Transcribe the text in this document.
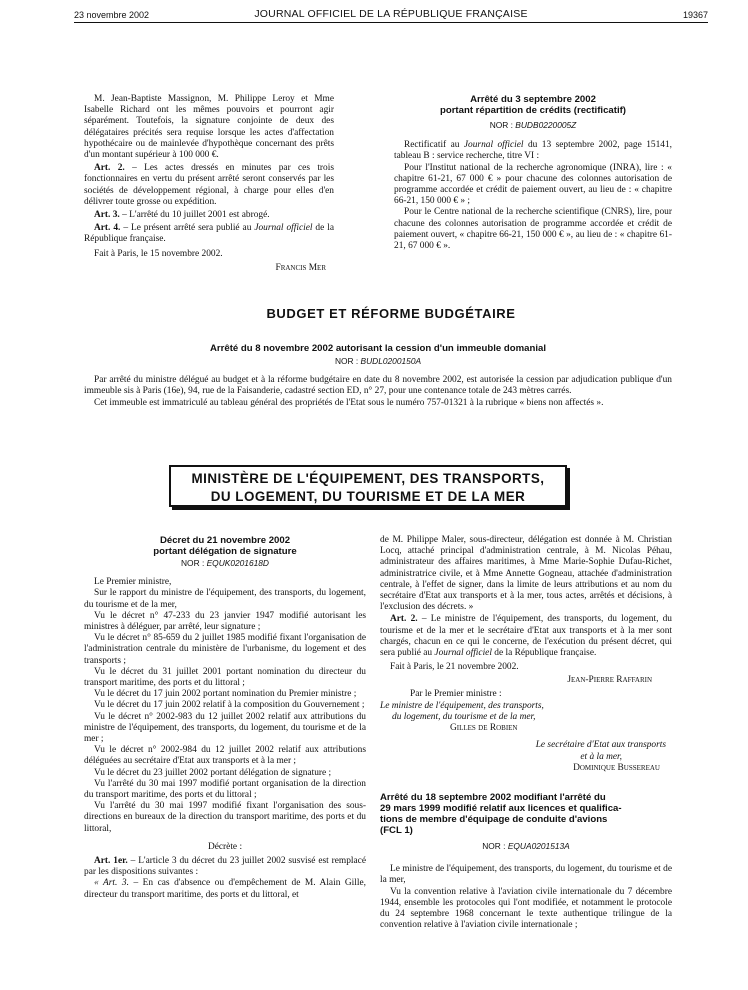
23 novembre 2002	JOURNAL OFFICIEL DE LA RÉPUBLIQUE FRANÇAISE	19367

M. Jean-Baptiste Massignon, M. Philippe Leroy et Mme Isabelle Richard ont les mêmes pouvoirs et pourront agir séparément. Toutefois, la signature conjointe de deux des délégataires précités sera requise lorsque les actes d'affectation hypothécaire ou de mainlevée d'hypothèque concernant des prêts d'un montant supérieur à 100 000 €.

Art. 2. – Les actes dressés en minutes par ces trois fonctionnaires en vertu du présent arrêté seront conservés par les sociétés de développement régional, à charge pour elles d'en délivrer toute grosse ou expédition.

Art. 3. – L'arrêté du 10 juillet 2001 est abrogé.

Art. 4. – Le présent arrêté sera publié au Journal officiel de la République française.

Fait à Paris, le 15 novembre 2002.

Francis Mer

Arrêté du 3 septembre 2002
portant répartition de crédits (rectificatif)
NOR : BUDB0220005Z

Rectificatif au Journal officiel du 13 septembre 2002, page 15141, tableau B : service recherche, titre VI :

Pour l'Institut national de la recherche agronomique (INRA), lire : « chapitre 61-21, 67 000 € » pour chacune des colonnes autorisation de programme accordée et crédit de paiement ouvert, au lieu de : « chapitre 66-21, 150 000 € » ;

Pour le Centre national de la recherche scientifique (CNRS), lire, pour chacune des colonnes autorisation de programme accordée et crédit de paiement ouvert, « chapitre 66-21, 150 000 € », au lieu de : « chapitre 61-21, 67 000 € ».

BUDGET ET RÉFORME BUDGÉTAIRE
Arrêté du 8 novembre 2002 autorisant la cession d'un immeuble domanial
NOR : BUDL0200150A

Par arrêté du ministre délégué au budget et à la réforme budgétaire en date du 8 novembre 2002, est autorisée la cession par adjudication publique d'un immeuble sis à Paris (16e), 94, rue de la Faisanderie, cadastré section ED, n° 27, pour une contenance totale de 243 mètres carrés.

Cet immeuble est immatriculé au tableau général des propriétés de l'Etat sous le numéro 757-01321 à la rubrique « biens non affectés ».

MINISTÈRE DE L'ÉQUIPEMENT, DES TRANSPORTS,
DU LOGEMENT, DU TOURISME ET DE LA MER
Décret du 21 novembre 2002
portant délégation de signature
NOR : EQUK0201618D

Le Premier ministre,

Sur le rapport du ministre de l'équipement, des transports, du logement, du tourisme et de la mer,

Vu le décret n° 47-233 du 23 janvier 1947 modifié autorisant les ministres à déléguer, par arrêté, leur signature ;

Vu le décret n° 85-659 du 2 juillet 1985 modifié fixant l'organisation de l'administration centrale du ministère de l'urbanisme, du logement et des transports ;

Vu le décret du 31 juillet 2001 portant nomination du directeur du transport maritime, des ports et du littoral ;

Vu le décret du 17 juin 2002 portant nomination du Premier ministre ;

Vu le décret du 17 juin 2002 relatif à la composition du Gouvernement ;

Vu le décret n° 2002-983 du 12 juillet 2002 relatif aux attributions du ministre de l'équipement, des transports, du logement, du tourisme et de la mer ;

Vu le décret n° 2002-984 du 12 juillet 2002 relatif aux attributions déléguées au secrétaire d'Etat aux transports et à la mer ;

Vu le décret du 23 juillet 2002 portant délégation de signature ;

Vu l'arrêté du 30 mai 1997 modifié portant organisation de la direction du transport maritime, des ports et du littoral ;

Vu l'arrêté du 30 mai 1997 modifié fixant l'organisation des sous-directions en bureaux de la direction du transport maritime, des ports et du littoral,

Décrète :

Art. 1er. – L'article 3 du décret du 23 juillet 2002 susvisé est remplacé par les dispositions suivantes :

« Art. 3. – En cas d'absence ou d'empêchement de M. Alain Gille, directeur du transport maritime, des ports et du littoral, et

de M. Philippe Maler, sous-directeur, délégation est donnée à M. Christian Locq, attaché principal d'administration centrale, à M. Nicolas Péhau, administrateur des affaires maritimes, à Mme Marie-Sophie Dufau-Richet, administratrice civile, et à Mme Annette Gogneau, attachée d'administration centrale, à l'effet de signer, dans la limite de leurs attributions et au nom du secrétaire d'Etat aux transports et à la mer, tous actes, arrêtés et décisions, à l'exclusion des décrets. »

Art. 2. – Le ministre de l'équipement, des transports, du logement, du tourisme et de la mer et le secrétaire d'Etat aux transports et à la mer sont chargés, chacun en ce qui le concerne, de l'exécution du présent décret, qui sera publié au Journal officiel de la République française.

Fait à Paris, le 21 novembre 2002.

Jean-Pierre Raffarin

Par le Premier ministre :

Le ministre de l'équipement, des transports,

du logement, du tourisme et de la mer,

Gilles de Robien

Le secrétaire d'Etat aux transports

et à la mer,

Dominique Bussereau

Arrêté du 18 septembre 2002 modifiant l'arrêté du
29 mars 1999 modifié relatif aux licences et qualifica-
tions de membre d'équipage de conduite d'avions
(FCL 1)
NOR : EQUA0201513A

Le ministre de l'équipement, des transports, du logement, du tourisme et de la mer,

Vu la convention relative à l'aviation civile internationale du 7 décembre 1944, ensemble les protocoles qui l'ont modifiée, et notamment le protocole du 24 septembre 1968 concernant le texte authentique trilingue de la convention relative à l'aviation civile internationale ;
